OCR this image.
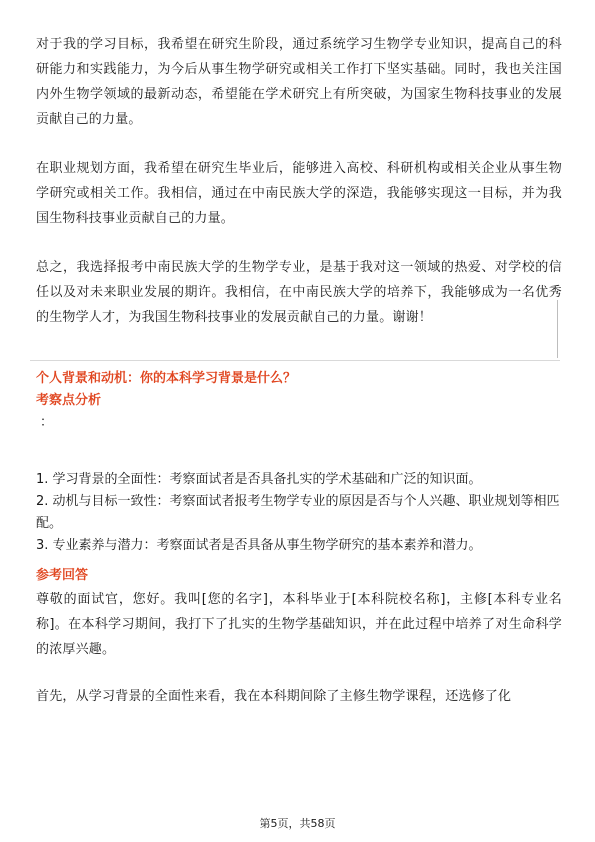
对于我的学习目标，我希望在研究生阶段，通过系统学习生物学专业知识，提高自己的科研能力和实践能力，为今后从事生物学研究或相关工作打下坚实基础。同时，我也关注国内外生物学领域的最新动态，希望能在学术研究上有所突破，为国家生物科技事业的发展贡献自己的力量。

在职业规划方面，我希望在研究生毕业后，能够进入高校、科研机构或相关企业从事生物学研究或相关工作。我相信，通过在中南民族大学的深造，我能够实现这一目标，并为我国生物科技事业贡献自己的力量。

总之，我选择报考中南民族大学的生物学专业，是基于我对这一领域的热爱、对学校的信任以及对未来职业发展的期许。我相信，在中南民族大学的培养下，我能够成为一名优秀的生物学人才，为我国生物科技事业的发展贡献自己的力量。谢谢！

个人背景和动机：你的本科学习背景是什么？

考察点分析

：

1. 学习背景的全面性：考察面试者是否具备扎实的学术基础和广泛的知识面。

2. 动机与目标一致性：考察面试者报考生物学专业的原因是否与个人兴趣、职业规划等相匹配。

3. 专业素养与潜力：考察面试者是否具备从事生物学研究的基本素养和潜力。

参考回答

尊敬的面试官，您好。我叫[您的名字]，本科毕业于[本科院校名称]，主修[本科专业名称]。在本科学习期间，我打下了扎实的生物学基础知识，并在此过程中培养了对生命科学的浓厚兴趣。

首先，从学习背景的全面性来看，我在本科期间除了主修生物学课程，还选修了化

第5页，共58页
